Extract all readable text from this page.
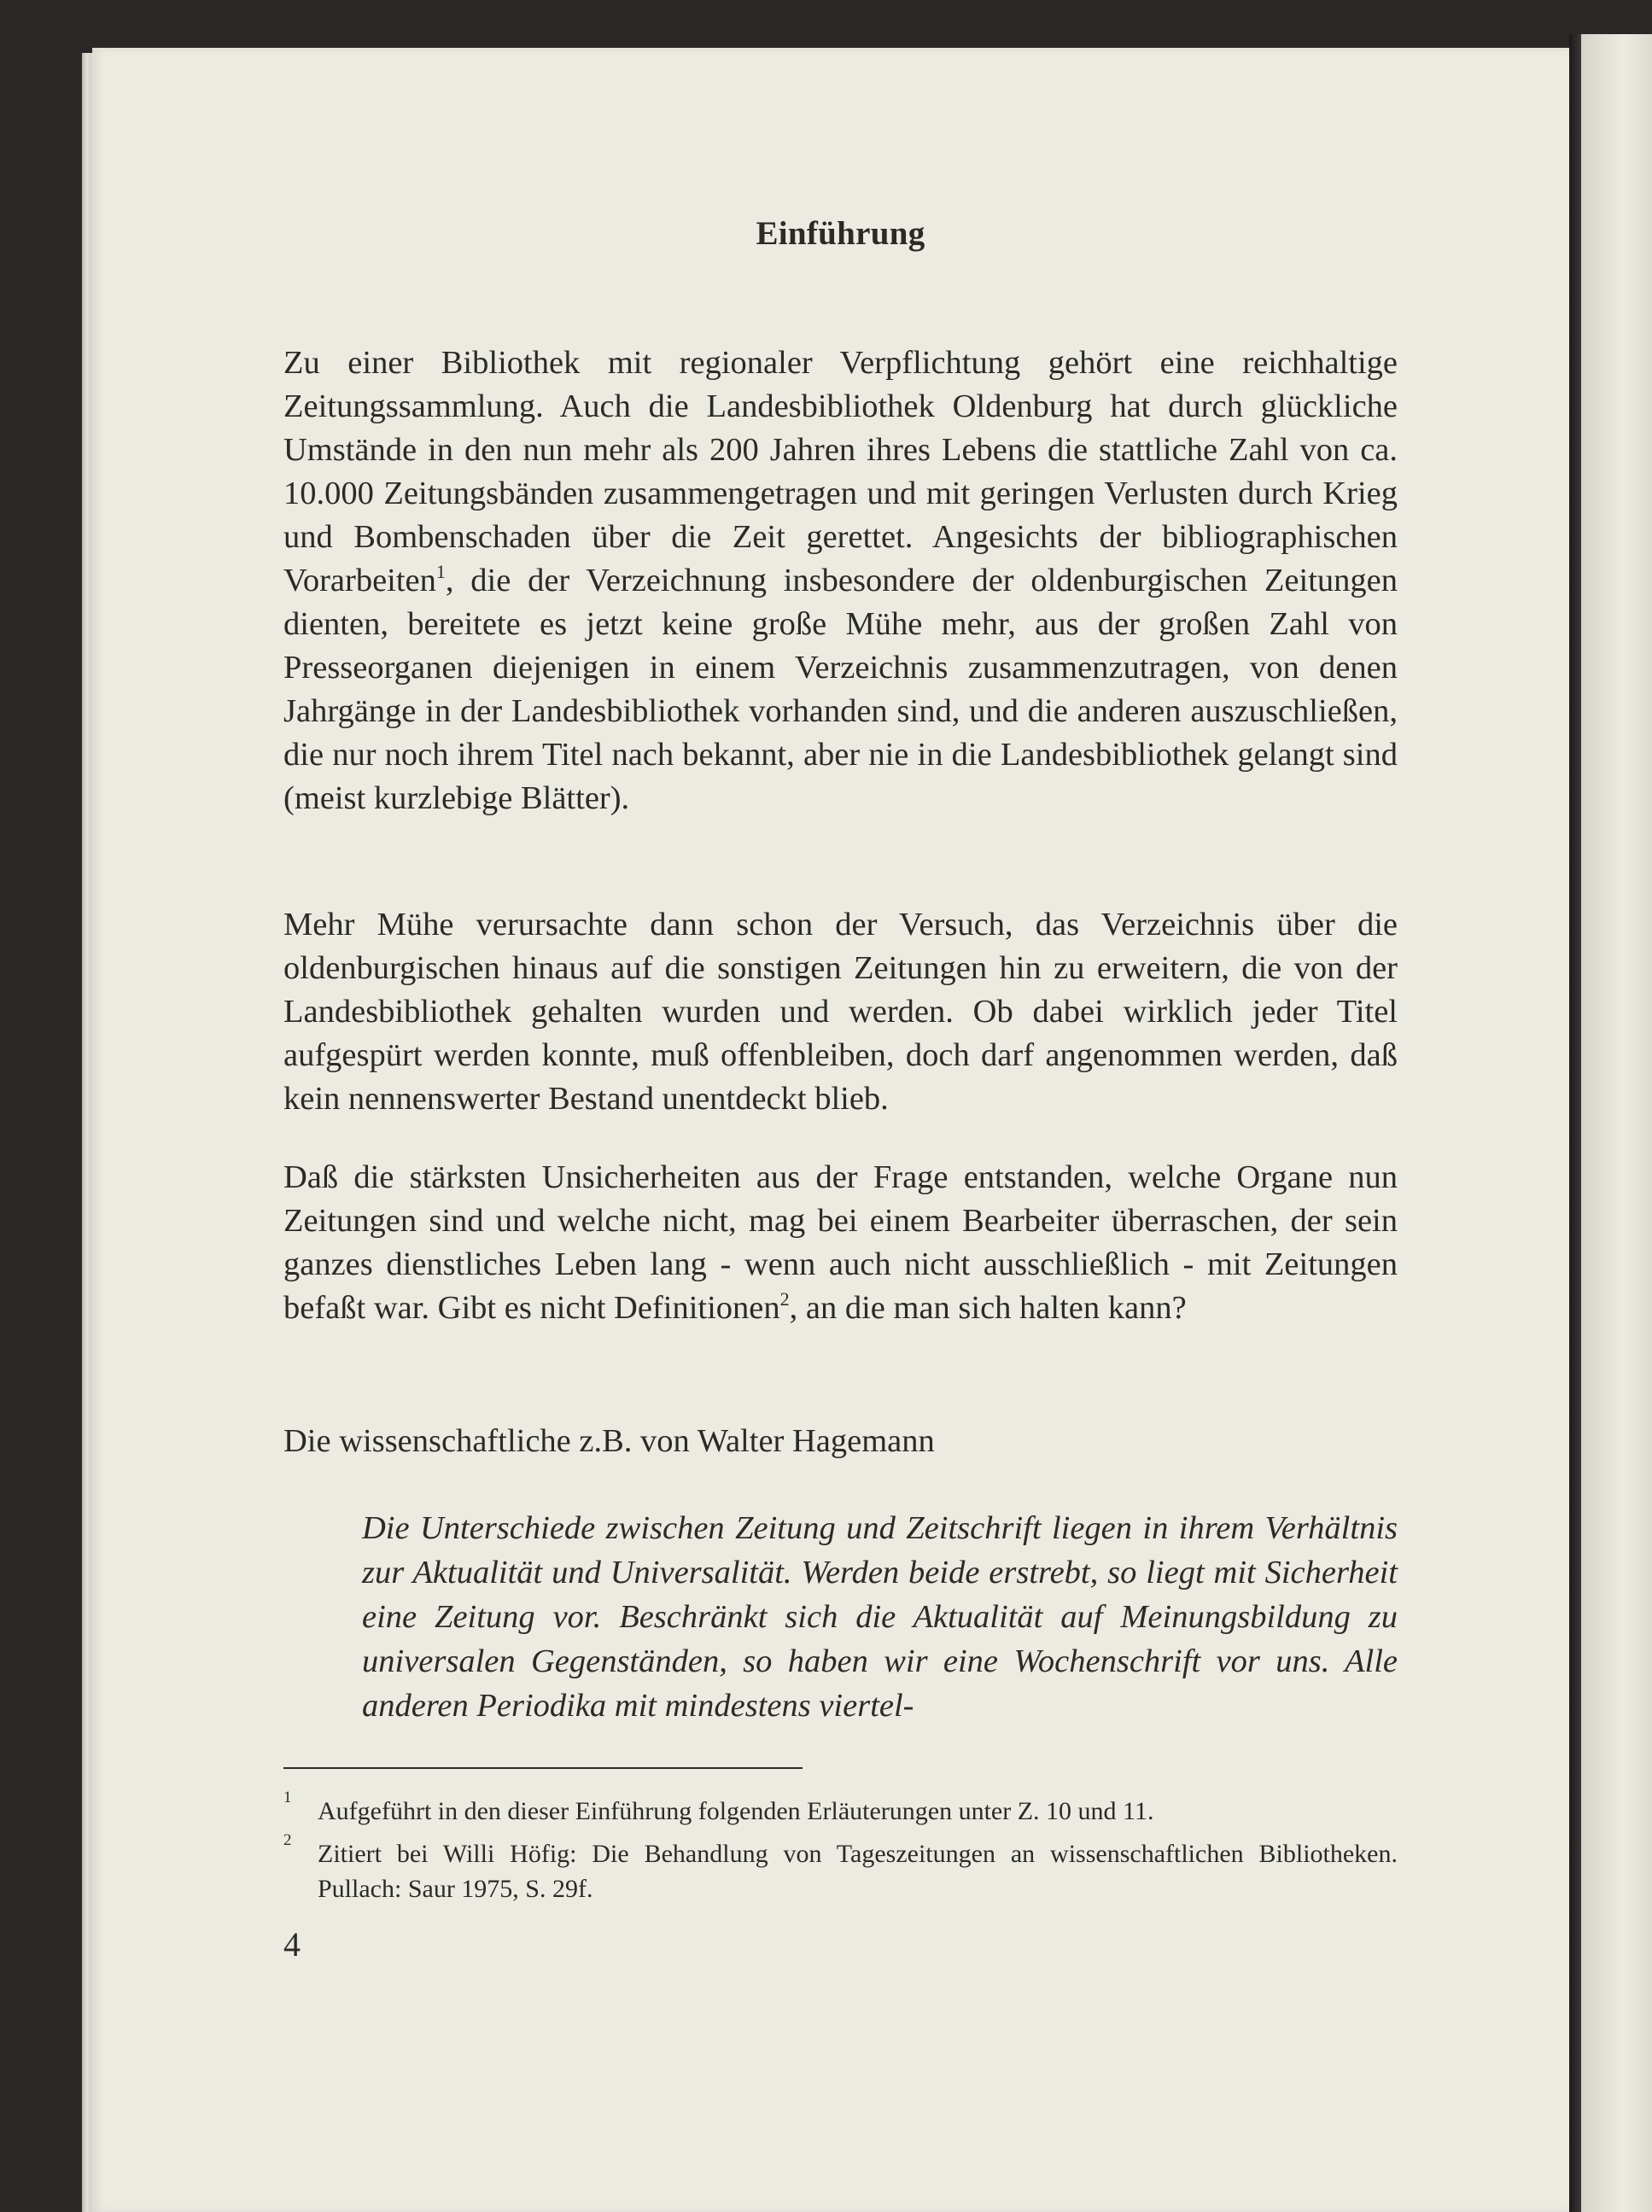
Einführung

Zu einer Bibliothek mit regionaler Verpflichtung gehört eine reichhaltige Zeitungssammlung. Auch die Landesbibliothek Oldenburg hat durch glückliche Umstände in den nun mehr als 200 Jahren ihres Lebens die stattliche Zahl von ca. 10.000 Zeitungsbänden zusammengetragen und mit geringen Verlusten durch Krieg und Bombenschaden über die Zeit gerettet. Angesichts der bibliographischen Vorarbeiten$^1$, die der Verzeichnung insbesondere der oldenburgischen Zeitungen dienten, bereitete es jetzt keine große Mühe mehr, aus der großen Zahl von Presseorganen diejenigen in einem Verzeichnis zusammenzutragen, von denen Jahrgänge in der Landesbibliothek vorhanden sind, und die anderen auszuschließen, die nur noch ihrem Titel nach bekannt, aber nie in die Landesbibliothek gelangt sind (meist kurzlebige Blätter).

Mehr Mühe verursachte dann schon der Versuch, das Verzeichnis über die oldenburgischen hinaus auf die sonstigen Zeitungen hin zu erweitern, die von der Landesbibliothek gehalten wurden und werden. Ob dabei wirklich jeder Titel aufgespürt werden konnte, muß offenbleiben, doch darf angenommen werden, daß kein nennenswerter Bestand unentdeckt blieb.

Daß die stärksten Unsicherheiten aus der Frage entstanden, welche Organe nun Zeitungen sind und welche nicht, mag bei einem Bearbeiter überraschen, der sein ganzes dienstliches Leben lang - wenn auch nicht ausschließlich - mit Zeitungen befaßt war. Gibt es nicht Definitionen$^2$, an die man sich halten kann?

Die wissenschaftliche z.B. von Walter Hagemann

Die Unterschiede zwischen Zeitung und Zeitschrift liegen in ihrem Verhältnis zur Aktualität und Universalität. Werden beide erstrebt, so liegt mit Sicherheit eine Zeitung vor. Beschränkt sich die Aktualität auf Meinungsbildung zu universalen Gegenständen, so haben wir eine Wochenschrift vor uns. Alle anderen Periodika mit mindestens viertel-

1	Aufgeführt in den dieser Einführung folgenden Erläuterungen unter Z. 10 und 11.
2	Zitiert bei Willi Höfig: Die Behandlung von Tageszeitungen an wissenschaftlichen Bibliotheken. Pullach: Saur 1975, S. 29f.
4
